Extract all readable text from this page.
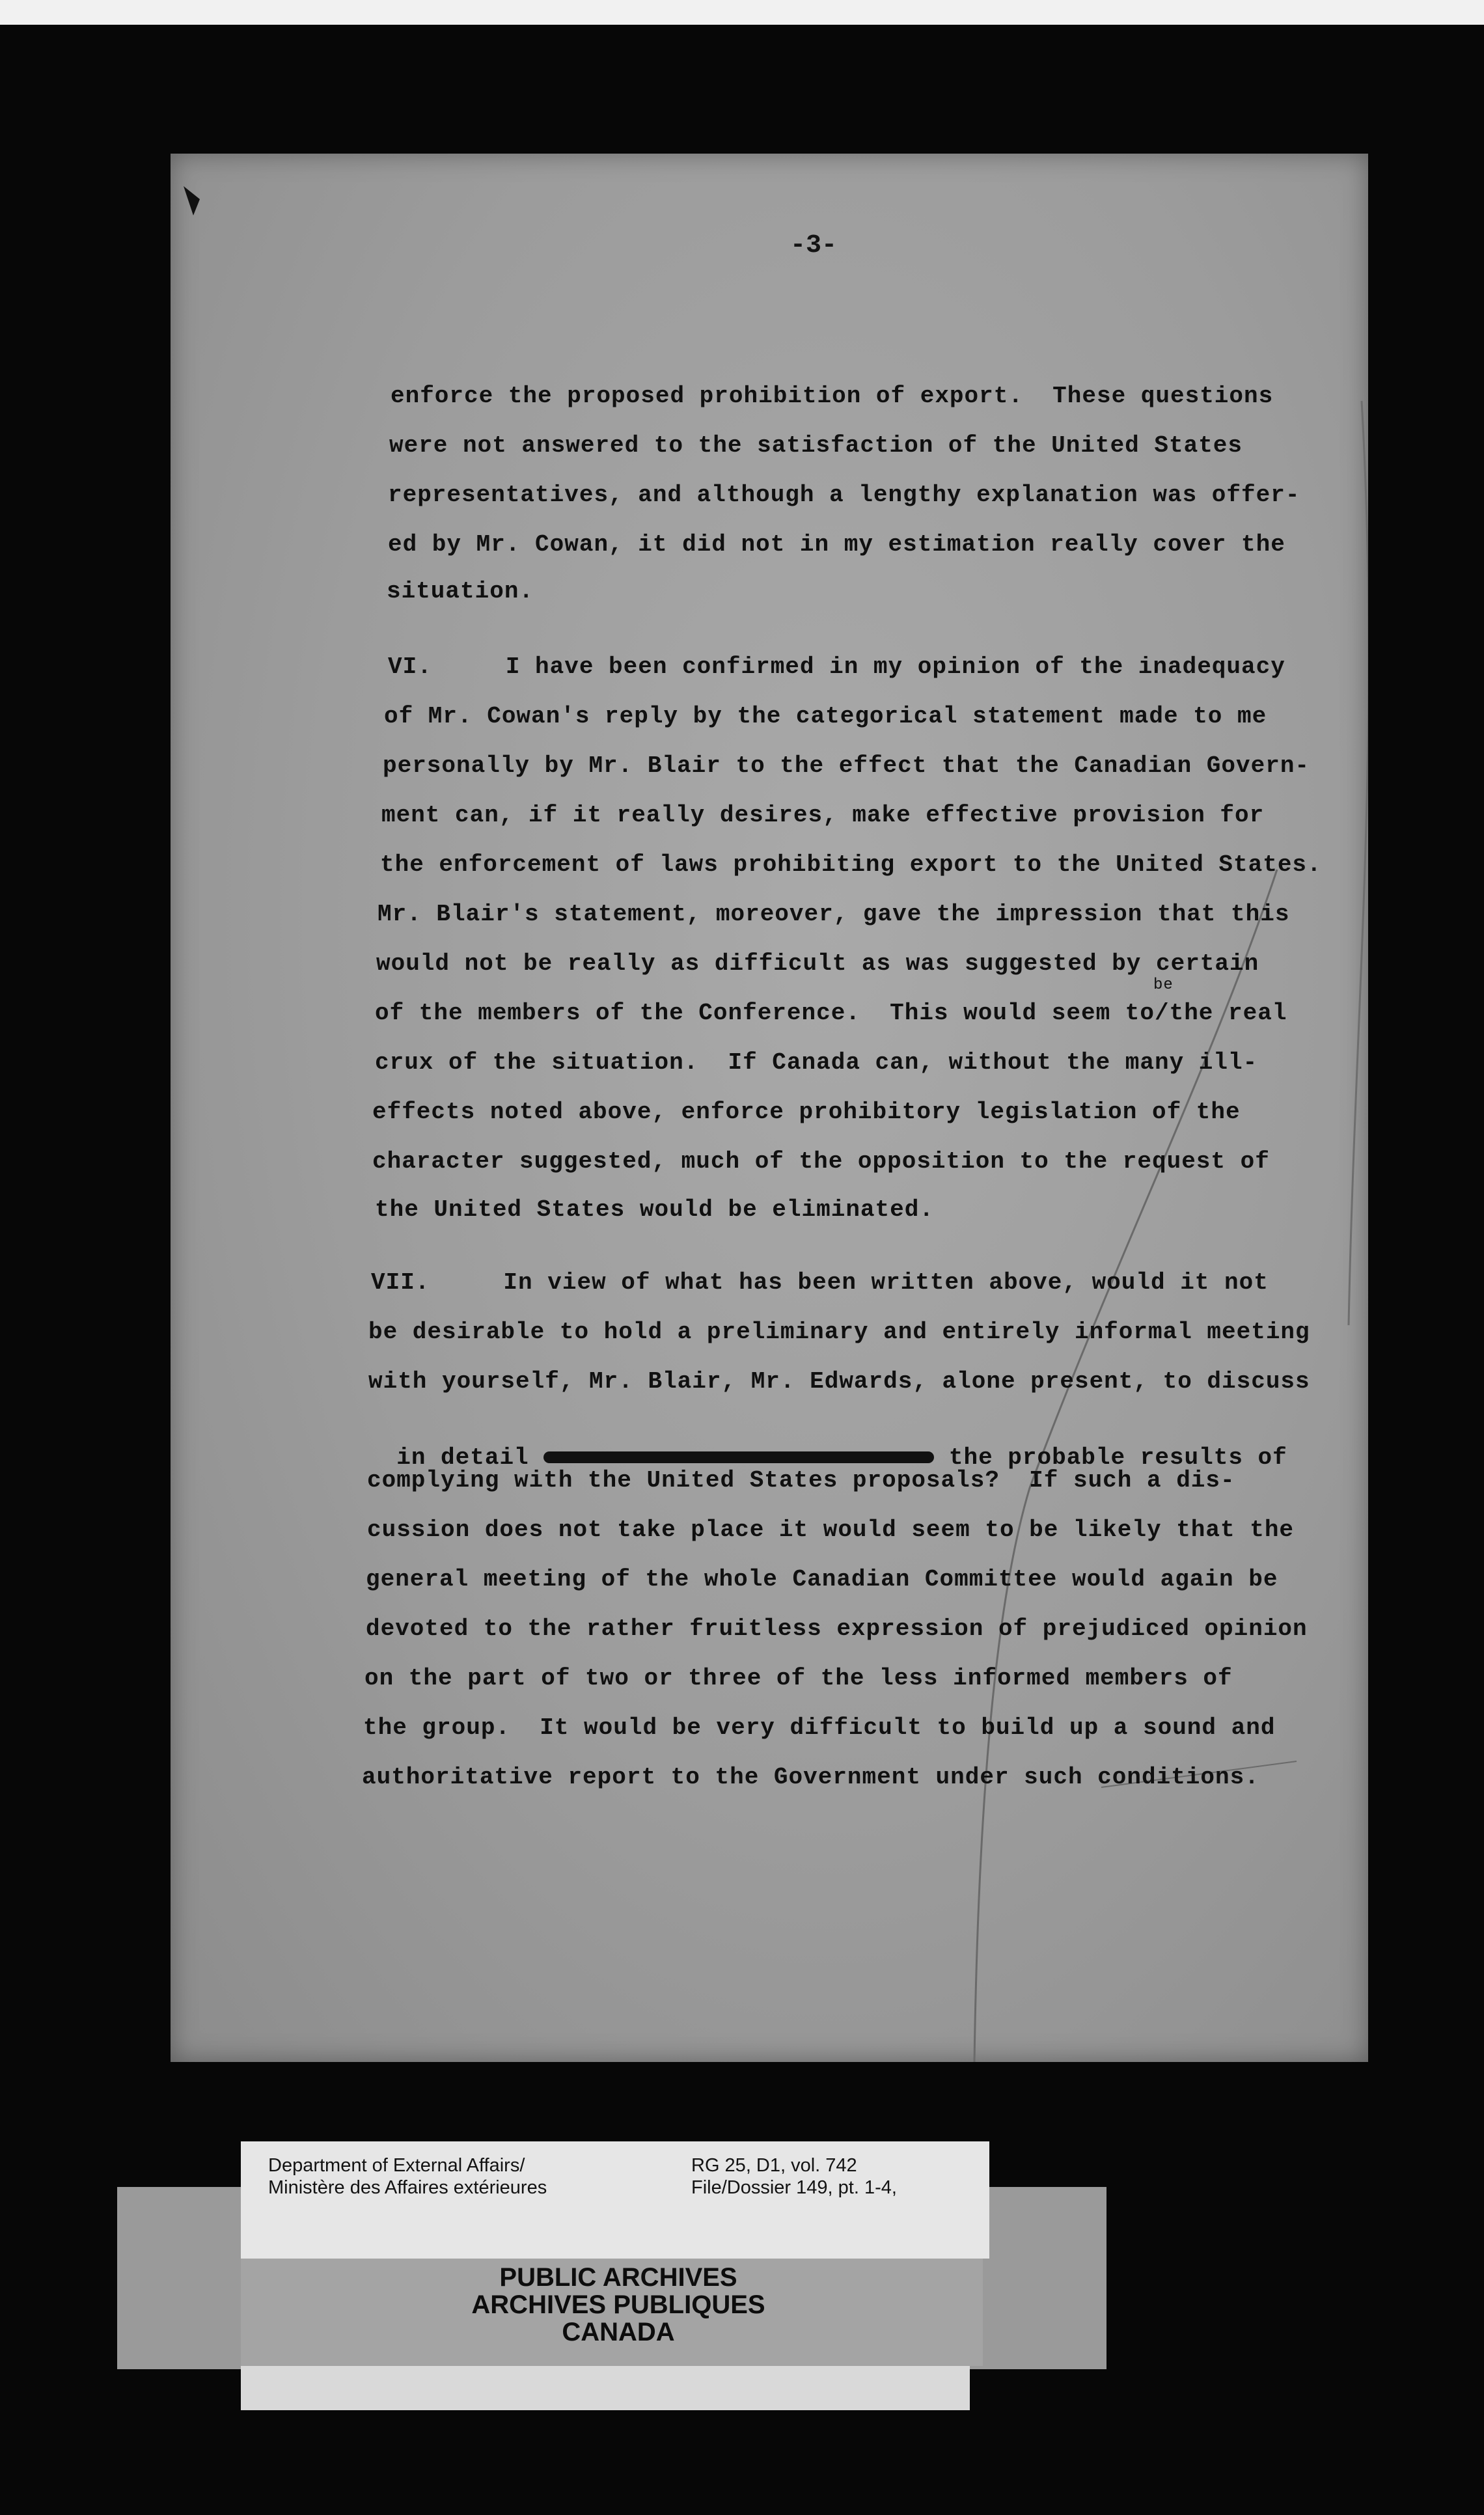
-3-
enforce the proposed prohibition of export.  These questions
were not answered to the satisfaction of the United States
representatives, and although a lengthy explanation was offer-
ed by Mr. Cowan, it did not in my estimation really cover the
situation.
VI.     I have been confirmed in my opinion of the inadequacy
of Mr. Cowan's reply by the categorical statement made to me
personally by Mr. Blair to the effect that the Canadian Govern-
ment can, if it really desires, make effective provision for
the enforcement of laws prohibiting export to the United States.
Mr. Blair's statement, moreover, gave the impression that this
would not be really as difficult as was suggested by certain
of the members of the Conference.  This would seem to/the real
be
crux of the situation.  If Canada can, without the many ill-
effects noted above, enforce prohibitory legislation of the
character suggested, much of the opposition to the request of
the United States would be eliminated.
VII.     In view of what has been written above, would it not
be desirable to hold a preliminary and entirely informal meeting
with yourself, Mr. Blair, Mr. Edwards, alone present, to discuss

in detail	the probable results of

complying with the United States proposals?  If such a dis-
cussion does not take place it would seem to be likely that the
general meeting of the whole Canadian Committee would again be
devoted to the rather fruitless expression of prejudiced opinion
on the part of two or three of the less informed members of
the group.  It would be very difficult to build up a sound and
authoritative report to the Government under such conditions.
Department of External Affairs/
Ministère des Affaires extérieures
RG 25, D1, vol. 742
File/Dossier 149, pt. 1-4,
PUBLIC ARCHIVES
ARCHIVES PUBLIQUES
CANADA
